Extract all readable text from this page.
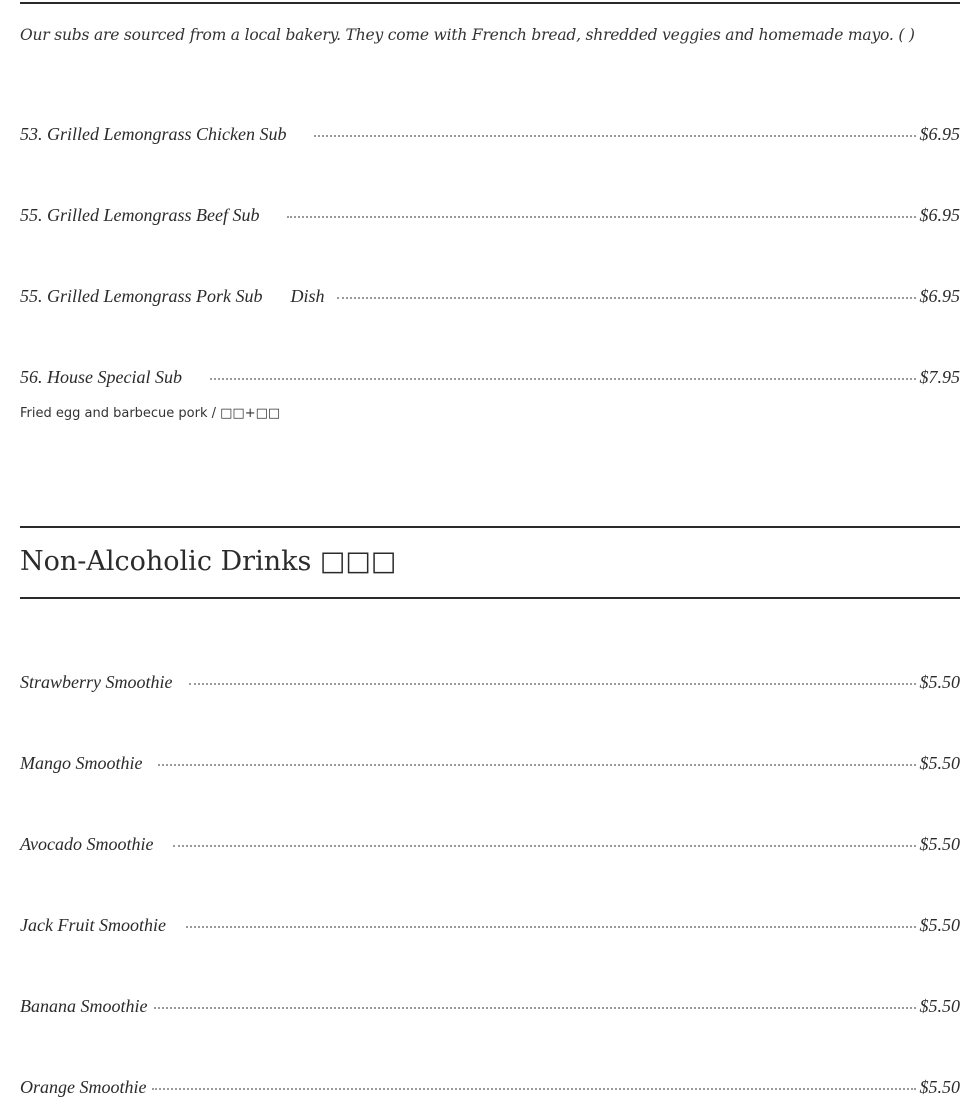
Our subs are sourced from a local bakery. They come with French bread, shredded veggies and homemade mayo. ( )
53. Grilled Lemongrass Chicken Sub	$6.95
55. Grilled Lemongrass Beef Sub	$6.95
55. Grilled Lemongrass Pork Sub Dish	$6.95
56. House Special Sub	$7.95
Fried egg and barbecue pork / □□+□□
Non-Alcoholic Drinks □□□
Strawberry Smoothie	$5.50
Mango Smoothie	$5.50
Avocado Smoothie	$5.50
Jack Fruit Smoothie	$5.50
Banana Smoothie	$5.50
Orange Smoothie	$5.50
